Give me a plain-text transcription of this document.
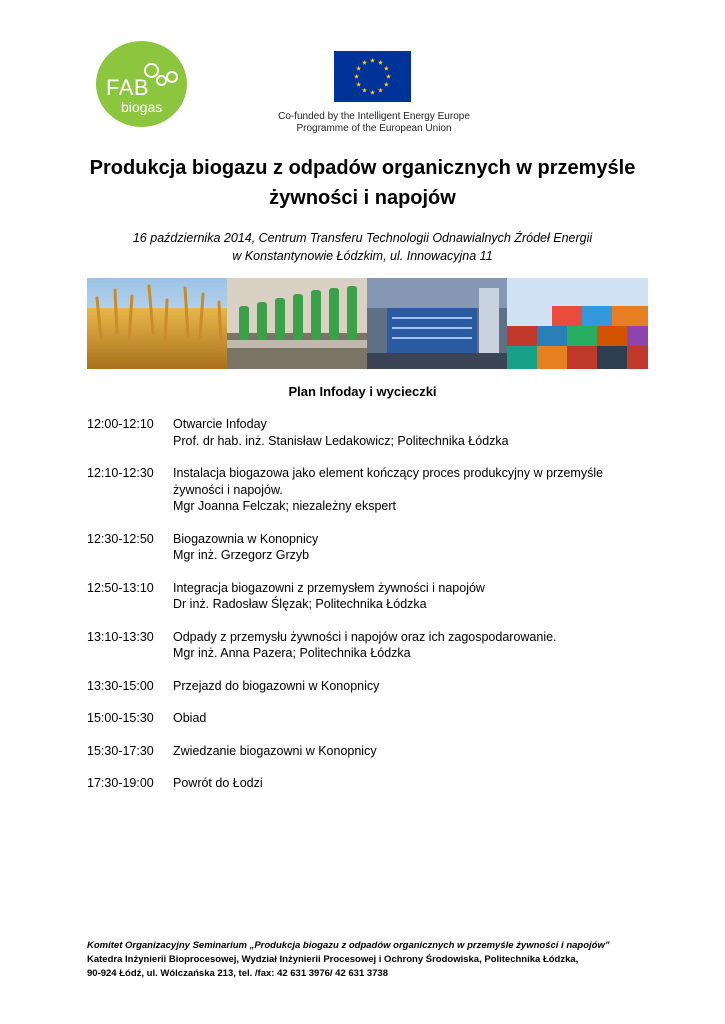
FAB
biogas
Co-funded by the Intelligent Energy Europe
Programme of the European Union
Produkcja biogazu z odpadów organicznych w przemyśle
żywności i napojów
16 października 2014, Centrum Transferu Technologii Odnawialnych Źródeł Energii
w Konstantynowie Łódzkim, ul. Innowacyjna 11
Plan Infoday i wycieczki
12:00-12:10	Otwarcie Infoday
Prof. dr hab. inż. Stanisław Ledakowicz; Politechnika Łódzka
12:10-12:30	Instalacja biogazowa jako element kończący proces produkcyjny w przemyśle
żywności i napojów.
Mgr Joanna Felczak; niezależny ekspert
12:30-12:50	Biogazownia w Konopnicy
Mgr inż. Grzegorz Grzyb
12:50-13:10	Integracja biogazowni z przemysłem żywności i napojów
Dr inż. Radosław Ślęzak; Politechnika Łódzka
13:10-13:30	Odpady z przemysłu żywności i napojów oraz ich zagospodarowanie.
Mgr inż. Anna Pazera; Politechnika Łódzka
13:30-15:00	Przejazd do biogazowni w Konopnicy
15:00-15:30	Obiad
15:30-17:30	Zwiedzanie biogazowni w Konopnicy
17:30-19:00	Powrót do Łodzi
Komitet Organizacyjny Seminarium „Produkcja biogazu z odpadów organicznych w przemyśle żywności i napojów”
Katedra Inżynierii Bioprocesowej, Wydział Inżynierii Procesowej i Ochrony Środowiska, Politechnika Łódzka,
90-924 Łódź, ul. Wólczańska 213, tel. /fax: 42 631 3976/ 42 631 3738
